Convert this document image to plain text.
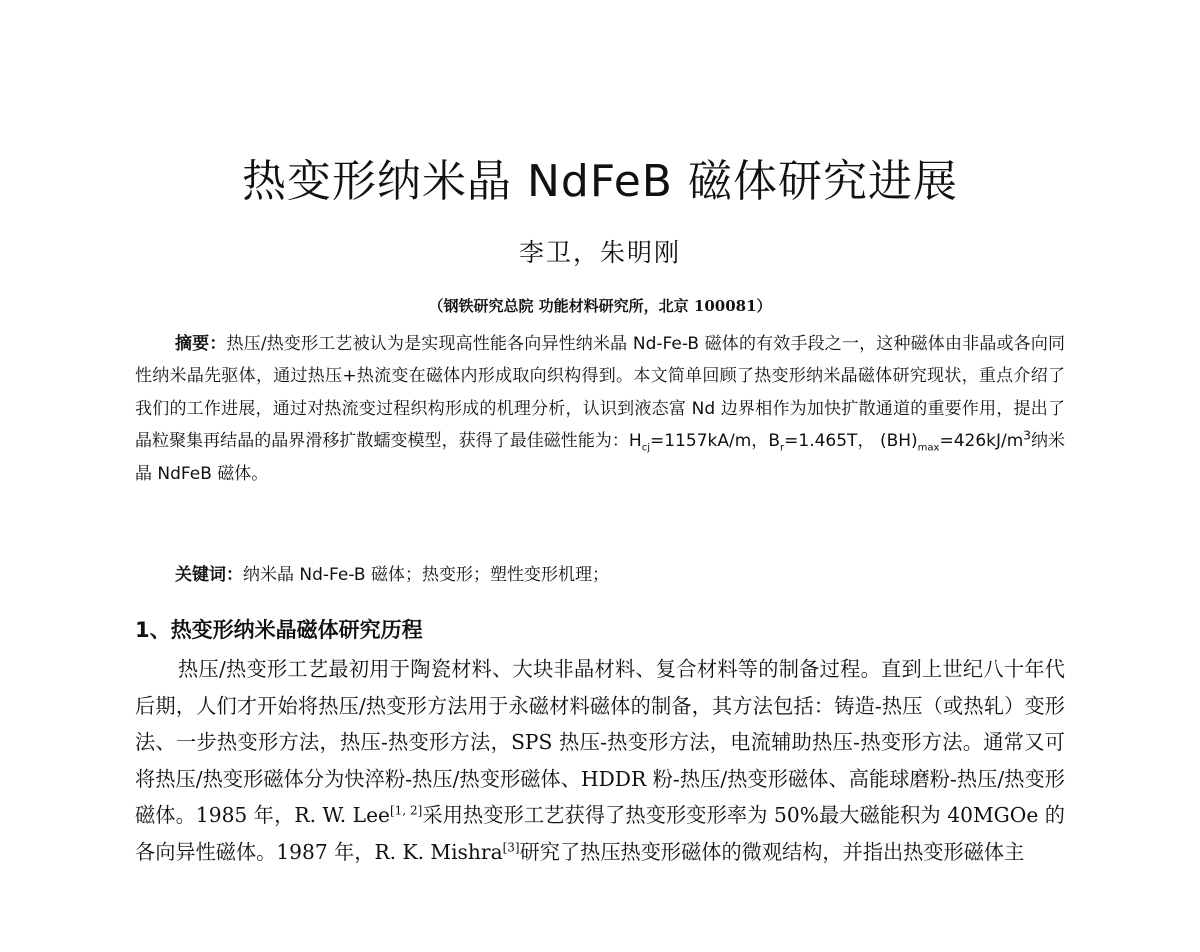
热变形纳米晶 NdFeB 磁体研究进展
李卫，朱明刚
（钢铁研究总院 功能材料研究所，北京 100081）
摘要：热压/热变形工艺被认为是实现高性能各向异性纳米晶 Nd-Fe-B 磁体的有效手段之一，这种磁体由非晶或各向同性纳米晶先驱体，通过热压+热流变在磁体内形成取向织构得到。本文简单回顾了热变形纳米晶磁体研究现状，重点介绍了我们的工作进展，通过对热流变过程织构形成的机理分析，认识到液态富 Nd 边界相作为加快扩散通道的重要作用，提出了晶粒聚集再结晶的晶界滑移扩散蠕变模型，获得了最佳磁性能为：$H_{cj}=1157kA/m$，$B_r=1.465T$， $(BH)_{max}=426kJ/m^3$纳米晶 NdFeB 磁体。
关键词：纳米晶 Nd-Fe-B 磁体；热变形；塑性变形机理；
1、热变形纳米晶磁体研究历程

热压/热变形工艺最初用于陶瓷材料、大块非晶材料、复合材料等的制备过程。直到上世纪八十年代后期，人们才开始将热压/热变形方法用于永磁材料磁体的制备，其方法包括：铸造-热压（或热轧）变形法、一步热变形方法，热压-热变形方法，SPS 热压-热变形方法，电流辅助热压-热变形方法。通常又可将热压/热变形磁体分为快淬粉-热压/热变形磁体、HDDR 粉-热压/热变形磁体、高能球磨粉-热压/热变形磁体。1985 年，R. W. Lee[1, 2]采用热变形工艺获得了热变形变形率为 50%最大磁能积为 40MGOe 的各向异性磁体。1987 年，R. K. Mishra[3]研究了热压热变形磁体的微观结构，并指出热变形磁体主
